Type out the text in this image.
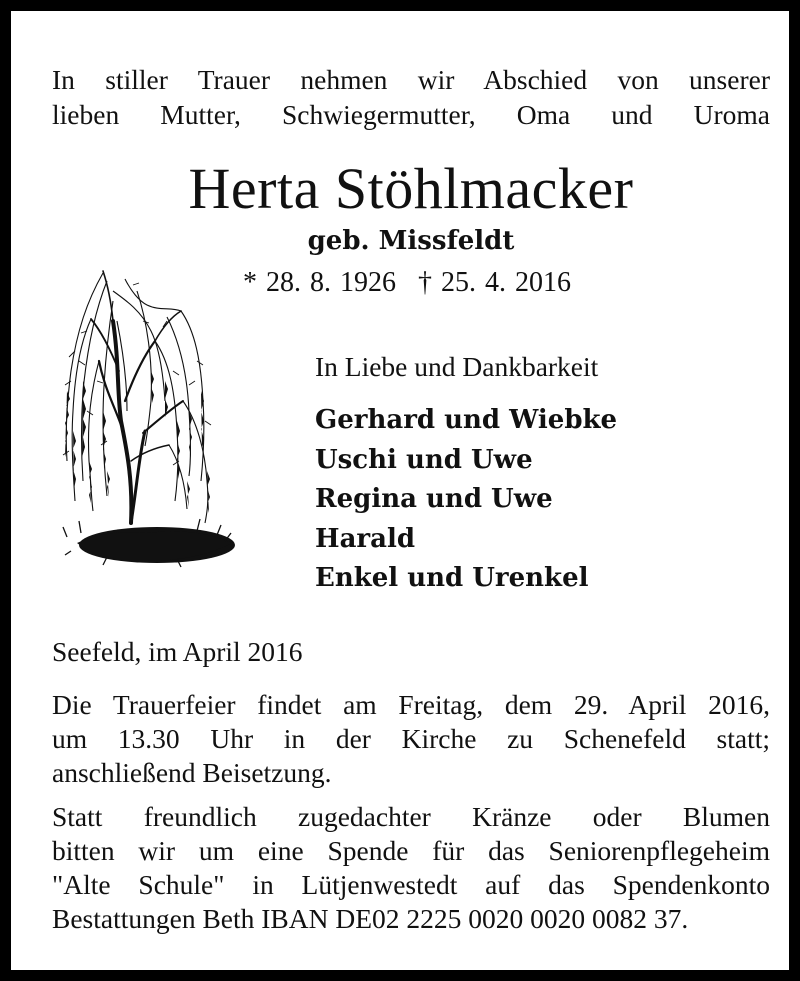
In stiller Trauer nehmen wir Abschied von unserer

lieben Mutter, Schwiegermutter, Oma und Uroma

Herta Stöhlmacker

geb. Missfeldt

* 28. 8. 1926 † 25. 4. 2016

In Liebe und Dankbarkeit

Gerhard und Wiebke
Uschi und Uwe
Regina und Uwe
Harald
Enkel und Urenkel

Seefeld, im April 2016

Die Trauerfeier findet am Freitag, dem 29. April 2016,

um 13.30 Uhr in der Kirche zu Schenefeld statt;

anschließend Beisetzung.

Statt freundlich zugedachter Kränze oder Blumen

bitten wir um eine Spende für das Seniorenpflegeheim

"Alte Schule" in Lütjenwestedt auf das Spendenkonto

Bestattungen Beth IBAN DE02 2225 0020 0020 0082 37.
